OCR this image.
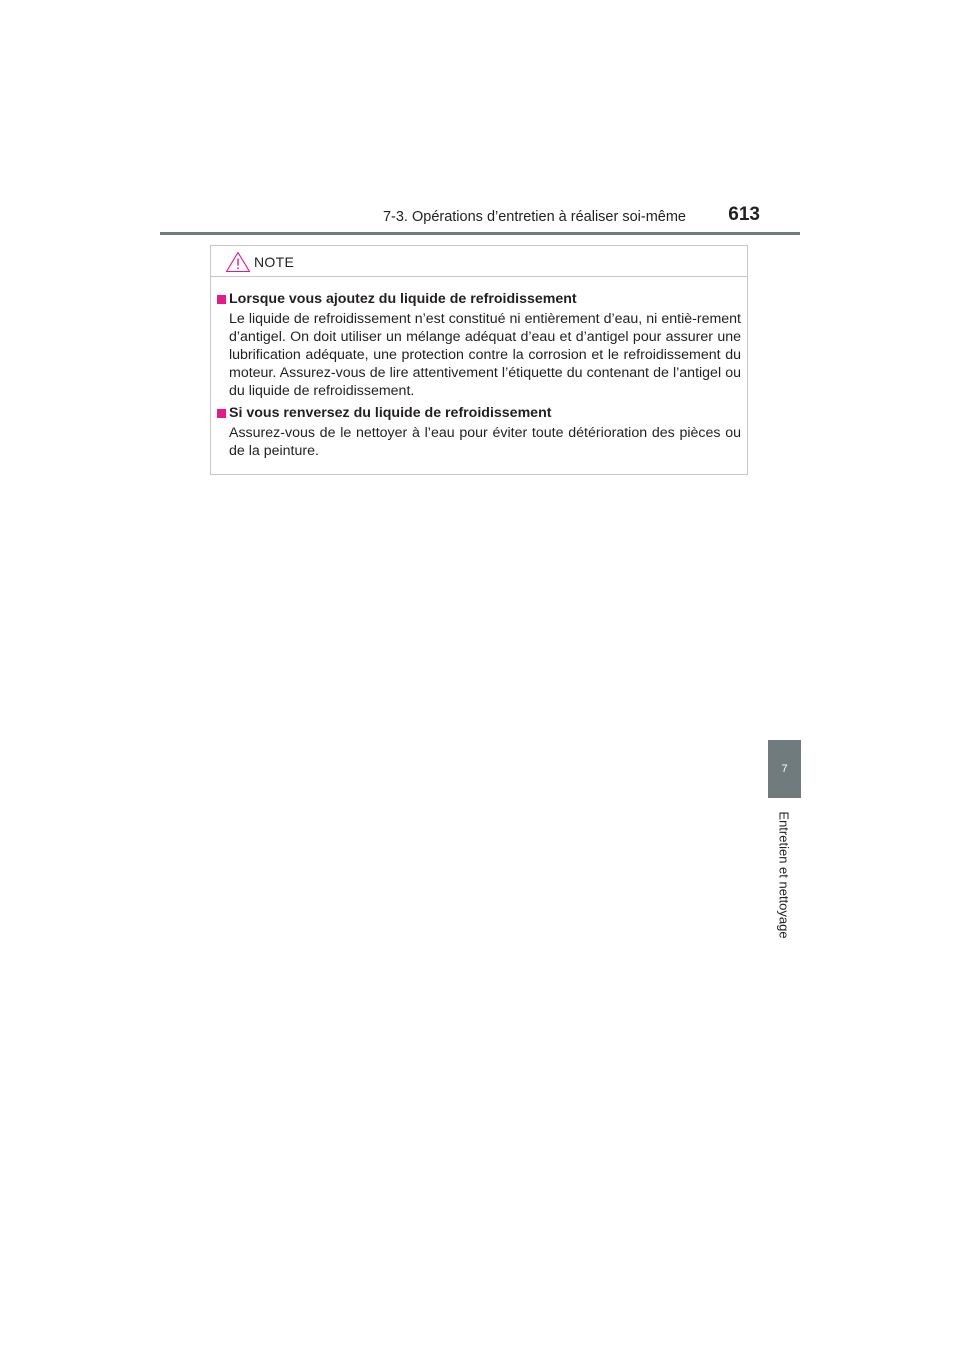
7-3. Opérations d’entretien à réaliser soi-même 613
NOTE
Lorsque vous ajoutez du liquide de refroidissement
Le liquide de refroidissement n’est constitué ni entièrement d’eau, ni entiè-rement d’antigel. On doit utiliser un mélange adéquat d’eau et d’antigel pour assurer une lubrification adéquate, une protection contre la corrosion et le refroidissement du moteur. Assurez-vous de lire attentivement l’étiquette du contenant de l’antigel ou du liquide de refroidissement.
Si vous renversez du liquide de refroidissement
Assurez-vous de le nettoyer à l’eau pour éviter toute détérioration des pièces ou de la peinture.
7
Entretien et nettoyage
